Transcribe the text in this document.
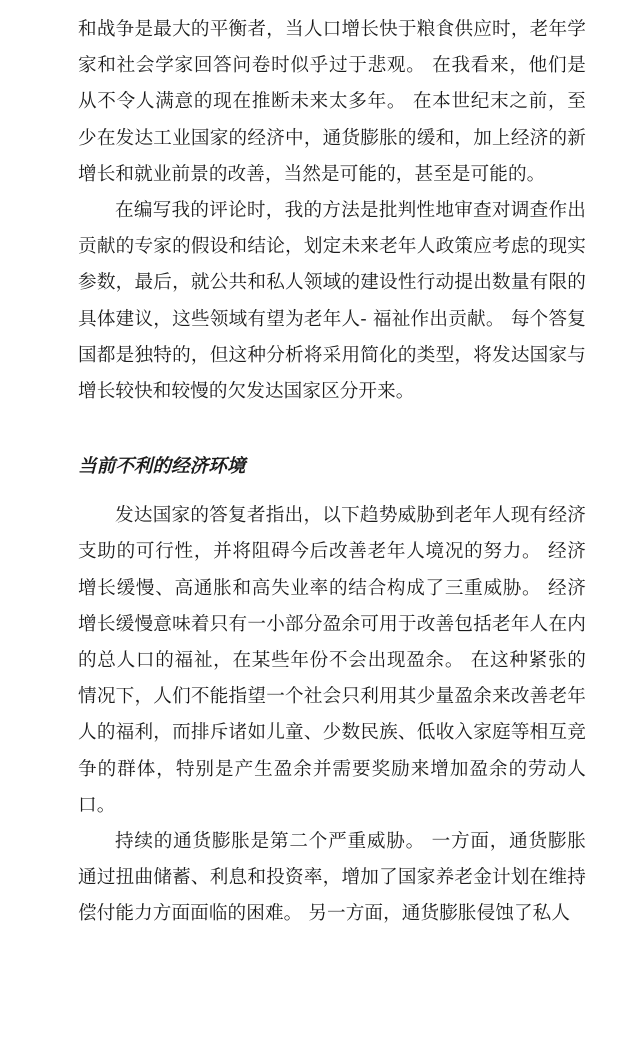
和战争是最大的平衡者，当人口增长快于粮食供应时，老年学家和社会学家回答问卷时似乎过于悲观。 在我看来，他们是从不令人满意的现在推断未来太多年。 在本世纪末之前，至少在发达工业国家的经济中，通货膨胀的缓和，加上经济的新增长和就业前景的改善，当然是可能的，甚至是可能的。

在编写我的评论时，我的方法是批判性地审查对调查作出贡献的专家的假设和结论，划定未来老年人政策应考虑的现实参数，最后，就公共和私人领域的建设性行动提出数量有限的具体建议，这些领域有望为老年人- 福祉作出贡献。 每个答复国都是独特的，但这种分析将采用简化的类型，将发达国家与增长较快和较慢的欠发达国家区分开来。

当前不利的经济环境

发达国家的答复者指出，以下趋势威胁到老年人现有经济支助的可行性，并将阻碍今后改善老年人境况的努力。 经济增长缓慢、高通胀和高失业率的结合构成了三重威胁。 经济增长缓慢意味着只有一小部分盈余可用于改善包括老年人在内的总人口的福祉，在某些年份不会出现盈余。 在这种紧张的情况下，人们不能指望一个社会只利用其少量盈余来改善老年人的福利，而排斥诸如儿童、少数民族、低收入家庭等相互竞争的群体，特别是产生盈余并需要奖励来增加盈余的劳动人口。

持续的通货膨胀是第二个严重威胁。 一方面，通货膨胀通过扭曲储蓄、利息和投资率，增加了国家养老金计划在维持偿付能力方面面临的困难。 另一方面，通货膨胀侵蚀了私人
